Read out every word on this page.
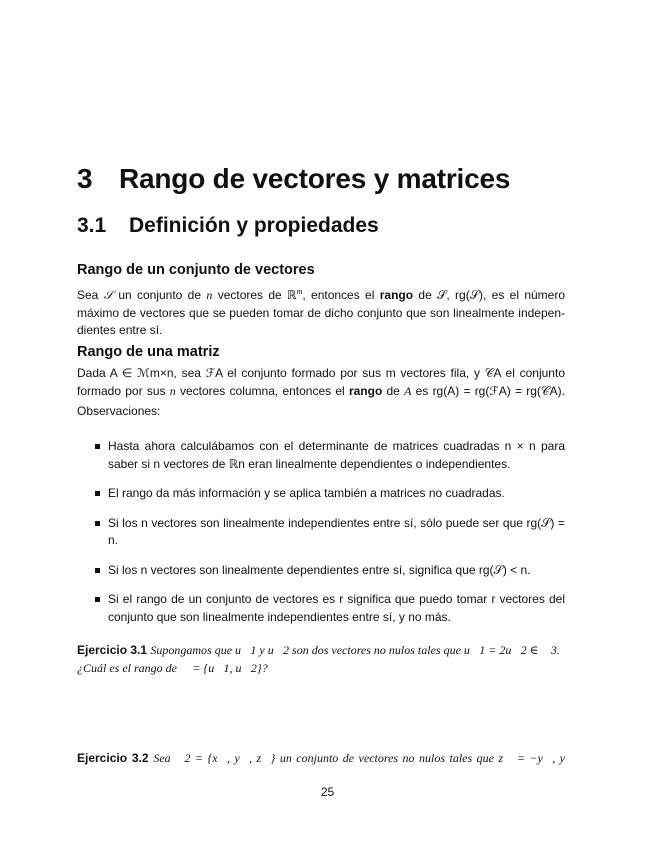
3 Rango de vectores y matrices
3.1 Definición y propiedades
Rango de un conjunto de vectores
Sea 𝒮 un conjunto de n vectores de ℝ$^m$, entonces el rango de 𝒮, rg(𝒮), es el número
máximo de vectores que se pueden tomar de dicho conjunto que son linealmente indepen-
dientes entre sí.
Rango de una matriz
Dada A ∈ ℳm×n, sea ℱA el conjunto formado por sus m vectores fila, y 𝒞A el conjunto
formado por sus n vectores columna, entonces el rango de A es rg(A) = rg(ℱA) = rg(𝒞A).
Observaciones:
Hasta ahora calculábamos con el determinante de matrices cuadradas n × n para
saber si n vectores de ℝn eran linealmente dependientes o independientes.
El rango da más información y se aplica también a matrices no cuadradas.
Si los n vectores son linealmente independientes entre sí, sólo puede ser que rg(𝒮) =
n.
Si los n vectores son linealmente dependientes entre sí, significa que rg(𝒮) < n.
Si el rango de un conjunto de vectores es r significa que puedo tomar r vectores del
conjunto que son linealmente independientes entre sí, y no más.
Ejercicio 3.1 Supongamos que u⃗1 y u⃗2 son dos vectores no nulos tales que u⃗1 = 2u⃗2 ∈ ℝ3.
¿Cuál es el rango de 𝒮 = {u⃗1, u⃗2}?
Ejercicio 3.2 Sea 𝒮2 = {x⃗, y⃗, z⃗} un conjunto de vectores no nulos tales que z⃗ = −y⃗, y
25
